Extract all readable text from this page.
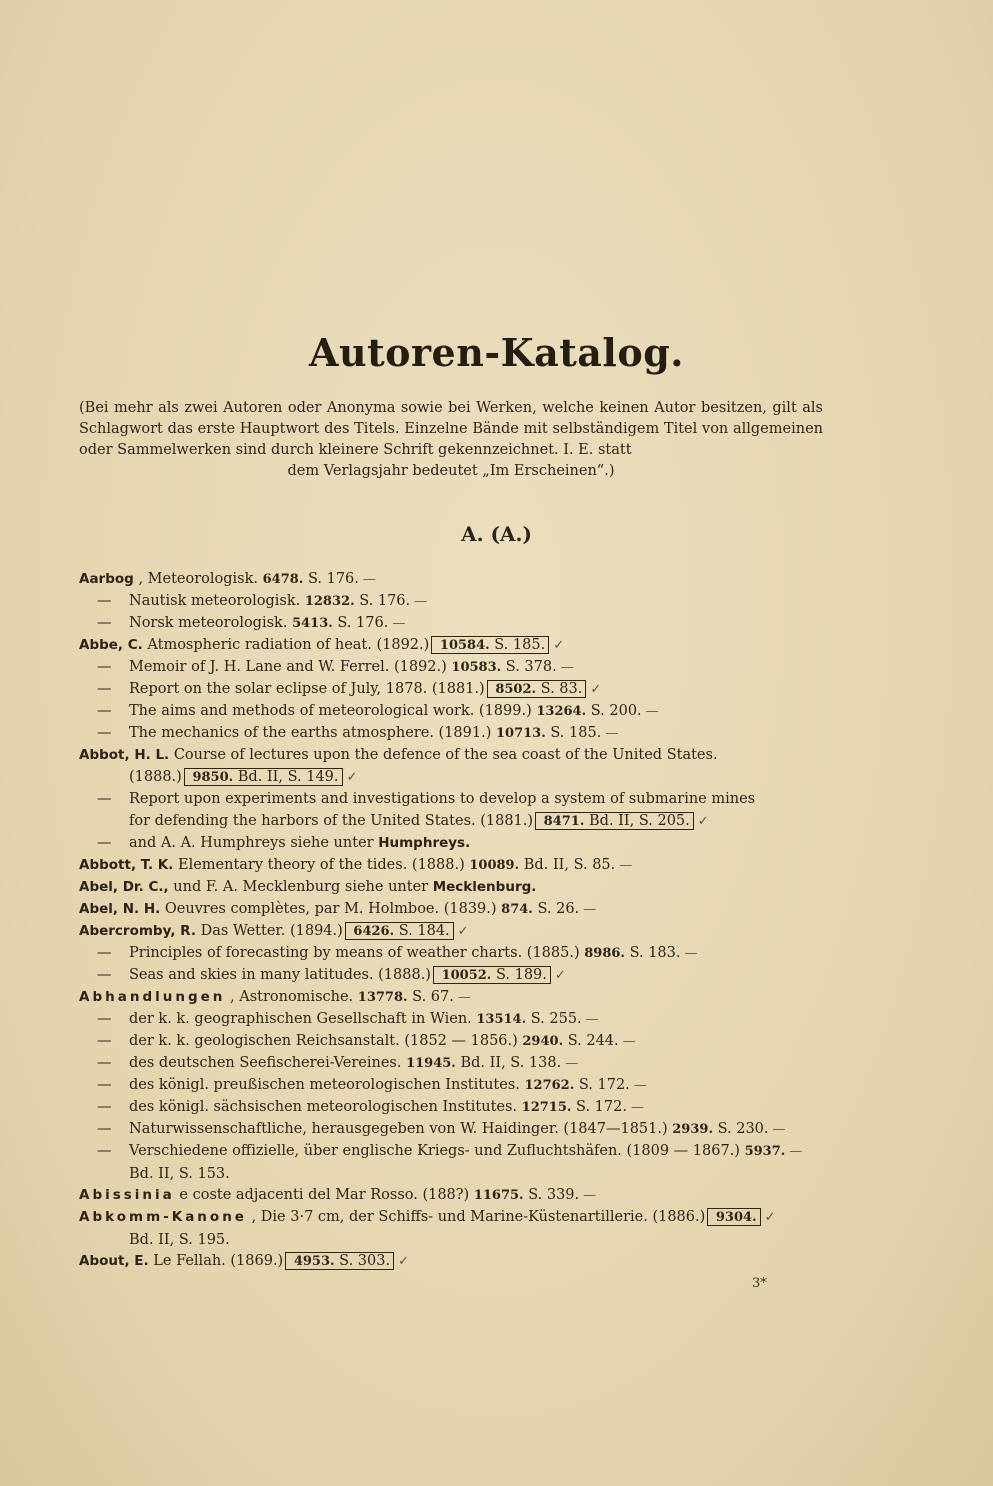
Autoren-Katalog.
(Bei mehr als zwei Autoren oder Anonyma sowie bei Werken, welche keinen Autor besitzen, gilt als Schlagwort das erste Hauptwort des Titels. Einzelne Bände mit selbständigem Titel von allgemeinen oder Sammelwerken sind durch kleinere Schrift gekennzeichnet. I. E. statt
dem Verlagsjahr bedeutet „Im Erscheinen“.)
A. (A.)
Aarbog , Meteorologisk. 6478. S. 176. —
— Nautisk meteorologisk. 12832. S. 176. —
— Norsk meteorologisk. 5413. S. 176. —
Abbe, C. Atmospheric radiation of heat. (1892.) 10584. S. 185. ✓
— Memoir of J. H. Lane and W. Ferrel. (1892.) 10583. S. 378. —
— Report on the solar eclipse of July, 1878. (1881.) 8502. S. 83. ✓
— The aims and methods of meteorological work. (1899.) 13264. S. 200. —
— The mechanics of the earths atmosphere. (1891.) 10713. S. 185. —
Abbot, H. L. Course of lectures upon the defence of the sea coast of the United States.
(1888.) 9850. Bd. II, S. 149. ✓
— Report upon experiments and investigations to develop a system of submarine mines
for defending the harbors of the United States. (1881.) 8471. Bd. II, S. 205. ✓
— and A. A. Humphreys siehe unter Humphreys.
Abbott, T. K. Elementary theory of the tides. (1888.) 10089. Bd. II, S. 85. —
Abel, Dr. C., und F. A. Mecklenburg siehe unter Mecklenburg.
Abel, N. H. Oeuvres complètes, par M. Holmboe. (1839.) 874. S. 26. —
Abercromby, R. Das Wetter. (1894.) 6426. S. 184. ✓
— Principles of forecasting by means of weather charts. (1885.) 8986. S. 183. —
— Seas and skies in many latitudes. (1888.) 10052. S. 189. ✓
Abhandlungen , Astronomische. 13778. S. 67. —
— der k. k. geographischen Gesellschaft in Wien. 13514. S. 255. —
— der k. k. geologischen Reichsanstalt. (1852 — 1856.) 2940. S. 244. —
— des deutschen Seefischerei-Vereines. 11945. Bd. II, S. 138. —
— des königl. preußischen meteorologischen Institutes. 12762. S. 172. —
— des königl. sächsischen meteorologischen Institutes. 12715. S. 172. —
— Naturwissenschaftliche, herausgegeben von W. Haidinger. (1847—1851.) 2939. S. 230. —
— Verschiedene offizielle, über englische Kriegs- und Zufluchtshäfen. (1809 — 1867.) 5937. —
Bd. II, S. 153.
Abissinia e coste adjacenti del Mar Rosso. (188?) 11675. S. 339. —
Abkomm-Kanone , Die 3·7 cm, der Schiffs- und Marine-Küstenartillerie. (1886.) 9304. ✓
Bd. II, S. 195.
About, E. Le Fellah. (1869.) 4953. S. 303. ✓
3*
